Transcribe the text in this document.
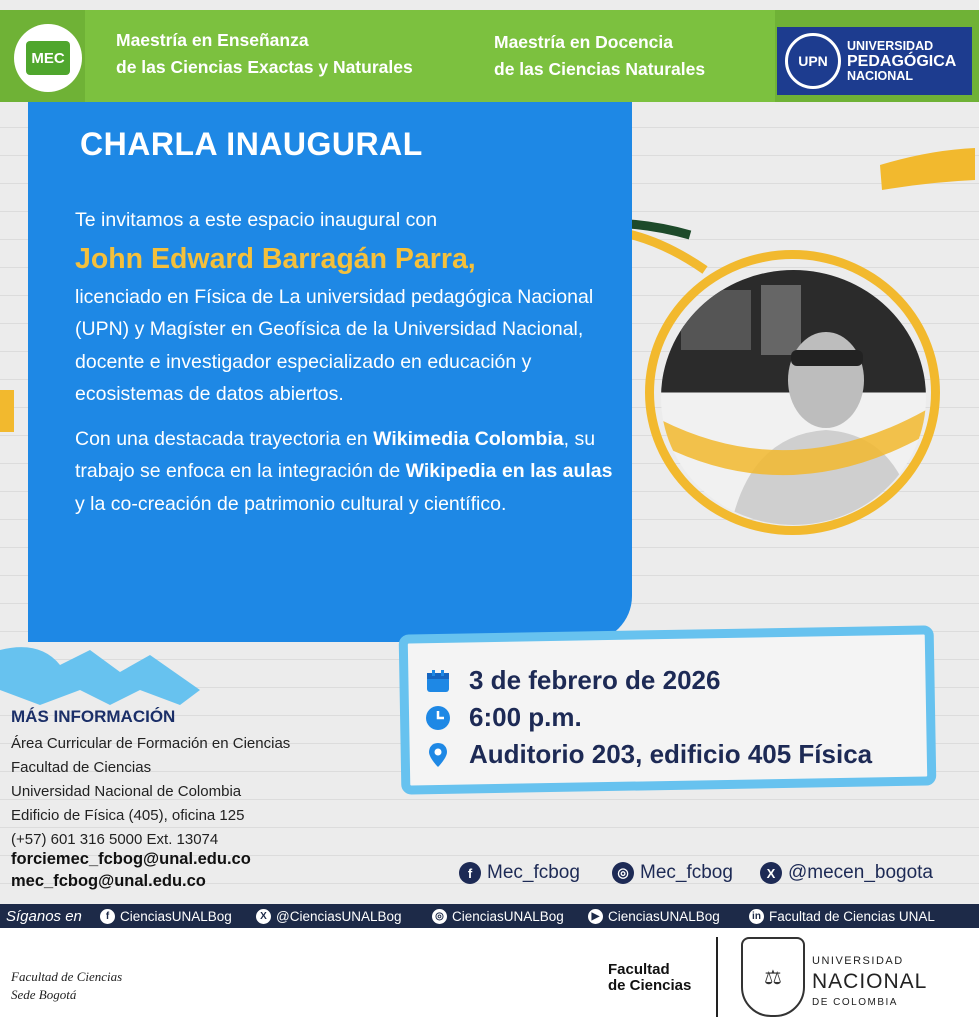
MEC
Maestría en Enseñanza
de las Ciencias Exactas y Naturales
Maestría en Docencia
de las Ciencias Naturales	UPN
UNIVERSIDAD
PEDAGÓGICA
NACIONAL
CHARLA INAUGURAL

Te invitamos a este espacio inaugural con

John Edward Barragán Parra,

licenciado en Física de La universidad pedagógica Nacional (UPN) y Magíster en Geofísica de la Universidad Nacional, docente e investigador especializado en educación y ecosistemas de datos abiertos.

Con una destacada trayectoria en Wikimedia Colombia, su trabajo se enfoca en la integración de Wikipedia en las aulas y la co-creación de patrimonio cultural y científico.

3 de febrero de 2026
6:00 p.m.
Auditorio 203, edificio 405 Física
MÁS INFORMACIÓN
Área Curricular de Formación en Ciencias
Facultad de Ciencias
Universidad Nacional de Colombia
Edificio de Física (405), oficina 125
(+57) 601 316 5000 Ext. 13074
forciemec_fcbog@unal.edu.co
mec_fcbog@unal.edu.co	f Mec_fcbog	◎ Mec_fcbog	X @mecen_bogota
Síganos en	f CienciasUNALBog	X @CienciasUNALBog	◎ CienciasUNALBog	▶ CienciasUNALBog	in Facultad de Ciencias UNAL
Facultad de Ciencias
Sede Bogotá
Facultad
de Ciencias	⚖
UNIVERSIDAD
NACIONAL
DE COLOMBIA
